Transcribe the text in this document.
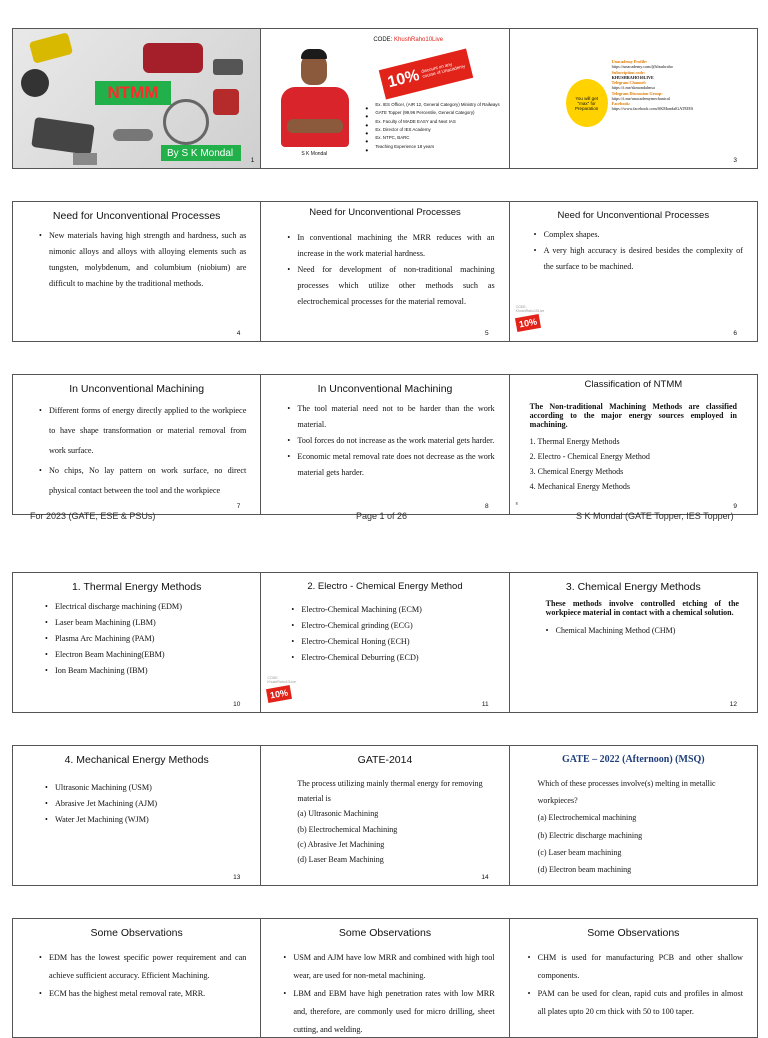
NTMM
By S K Mondal
1
CODE: KhushRaho10Live
10% discount on any course of Unacademy
S K Mondal
• Ex. IES Officer, (AIR 12, General Category) Ministry of Railways
• GATE Topper (99.96 Percentile, General Category)
• Ex. Faculty of MADE EASY and Next IAS
• Ex. Director of IES Academy
• Ex. NTPC, BARC
• Teaching Experience 18 years
You will get "max" for Preparation
Unacademy Profile:
https://unacademy.com/@khushraho
Subscription code:
KHUSHRAHO10LIVE
Telegram Channel:
https://t.me/skmondalmsa
Telegram Discussion Group:
https://t.me/unacademymechanical
Facebook:
https://www.facebook.com/SKMondalGATEIES
3
Need for Unconventional Processes
• New materials having high strength and hardness, such as nimonic alloys and alloys with alloying elements such as tungsten, molybdenum, and columbium (niobium) are difficult to machine by the traditional methods.
4
Need for Unconventional Processes
• In conventional machining the MRR reduces with an increase in the work material hardness.
• Need for development of non-traditional machining processes which utilize other methods such as electrochemical processes for the material removal.
5
Need for Unconventional Processes
• Complex shapes.
• A very high accuracy is desired besides the complexity of the surface to be machined.
CODE: KhushRaho10Live
10%
6
In Unconventional Machining
• Different forms of energy directly applied to the workpiece to have shape transformation or material removal from work surface.
• No chips, No lay pattern on work surface, no direct physical contact between the tool and the workpiece
7
In Unconventional Machining
• The tool material need not to be harder than the work material.
• Tool forces do not increase as the work material gets harder.
• Economic metal removal rate does not decrease as the work material gets harder.
8
Classification of NTMM
The Non-traditional Machining Methods are classified according to the major energy sources employed in machining.
1. Thermal Energy Methods
2. Electro - Chemical Energy Method
3. Chemical Energy Methods
4. Mechanical Energy Methods
8	9
For 2023 (GATE, ESE & PSUs)	Page 1 of 26	S K Mondal (GATE Topper, IES Topper)
1. Thermal Energy Methods
• Electrical discharge machining (EDM)
• Laser beam Machining (LBM)
• Plasma Arc Machining (PAM)
• Electron Beam Machining(EBM)
• Ion Beam Machining (IBM)
10
2. Electro - Chemical Energy Method
• Electro-Chemical Machining (ECM)
• Electro-Chemical grinding (ECG)
• Electro-Chemical Honing (ECH)
• Electro-Chemical Deburring (ECD)
CODE: KhushRaho10Live
10%
11
3. Chemical Energy Methods
These methods involve controlled etching of the workpiece material in contact with a chemical solution.
• Chemical Machining Method (CHM)
12
4. Mechanical Energy Methods
• Ultrasonic Machining (USM)
• Abrasive Jet Machining (AJM)
• Water Jet Machining (WJM)
13
GATE-2014
The process utilizing mainly thermal energy for removing material is
(a) Ultrasonic Machining
(b) Electrochemical Machining
(c) Abrasive Jet Machining
(d) Laser Beam Machining
14
GATE – 2022 (Afternoon) (MSQ)
Which of these processes involve(s) melting in metallic workpieces?
(a) Electrochemical machining
(b) Electric discharge machining
(c) Laser beam machining
(d) Electron beam machining
Some Observations
• EDM has the lowest specific power requirement and can achieve sufficient accuracy. Efficient Machining.
• ECM has the highest metal removal rate, MRR.
Some Observations
• USM and AJM have low MRR and combined with high tool wear, are used for non-metal machining.
• LBM and EBM have high penetration rates with low MRR and, therefore, are commonly used for micro drilling, sheet cutting, and welding.
Some Observations
• CHM is used for manufacturing PCB and other shallow components.
• PAM can be used for clean, rapid cuts and profiles in almost all plates upto 20 cm thick with 50 to 100 taper.
